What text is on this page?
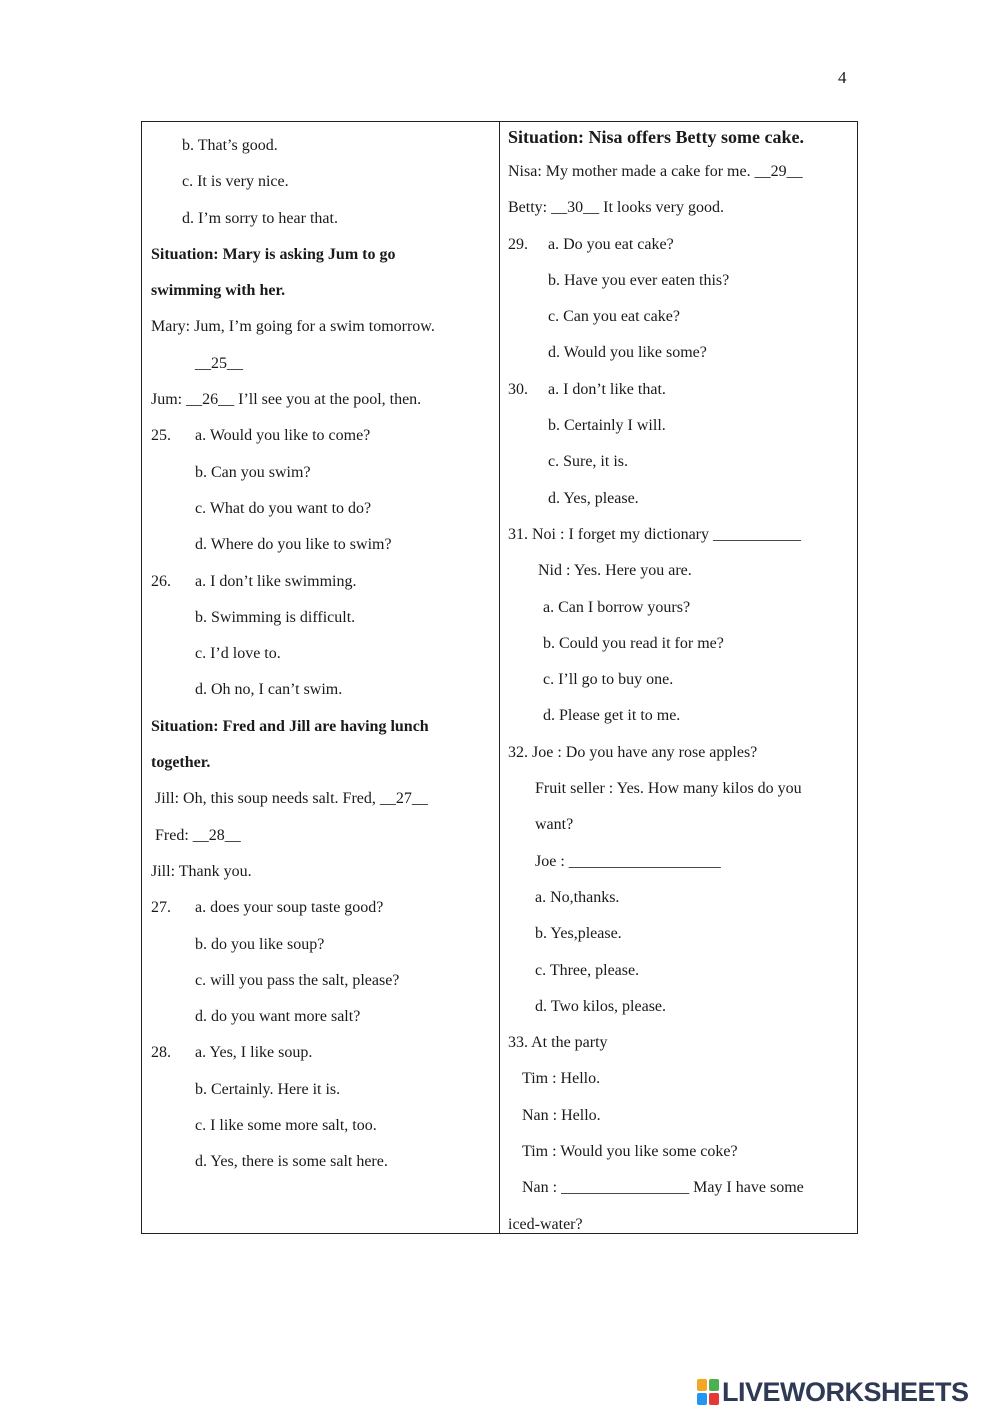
4
b. That’s good.
c. It is very nice.
d. I’m sorry to hear that.
Situation: Mary is asking Jum to go
swimming with her.
Mary: Jum, I’m going for a swim tomorrow.
__25__
Jum: __26__ I’ll see you at the pool, then.
25. a. Would you like to come?
b. Can you swim?
c. What do you want to do?
d. Where do you like to swim?
26. a. I don’t like swimming.
b. Swimming is difficult.
c. I’d love to.
d. Oh no, I can’t swim.
Situation: Fred and Jill are having lunch
together.
Jill: Oh, this soup needs salt. Fred, __27__
Fred: __28__
Jill: Thank you.
27. a. does your soup taste good?
b. do you like soup?
c. will you pass the salt, please?
d. do you want more salt?
28. a. Yes, I like soup.
b. Certainly. Here it is.
c. I like some more salt, too.
d. Yes, there is some salt here.
Situation: Nisa offers Betty some cake.
Nisa: My mother made a cake for me. __29__
Betty: __30__ It looks very good.
29. a. Do you eat cake?
b. Have you ever eaten this?
c. Can you eat cake?
d. Would you like some?
30. a. I don’t like that.
b. Certainly I will.
c. Sure, it is.
d. Yes, please.
31. Noi : I forget my dictionary ___________
Nid : Yes. Here you are.
a. Can I borrow yours?
b. Could you read it for me?
c. I’ll go to buy one.
d. Please get it to me.
32. Joe : Do you have any rose apples?
Fruit seller : Yes. How many kilos do you
want?
Joe : ___________________
a. No,thanks.
b. Yes,please.
c. Three, please.
d. Two kilos, please.
33. At the party
Tim : Hello.
Nan : Hello.
Tim : Would you like some coke?
Nan : ________________ May I have some
iced-water?
LIVEWORKSHEETS
